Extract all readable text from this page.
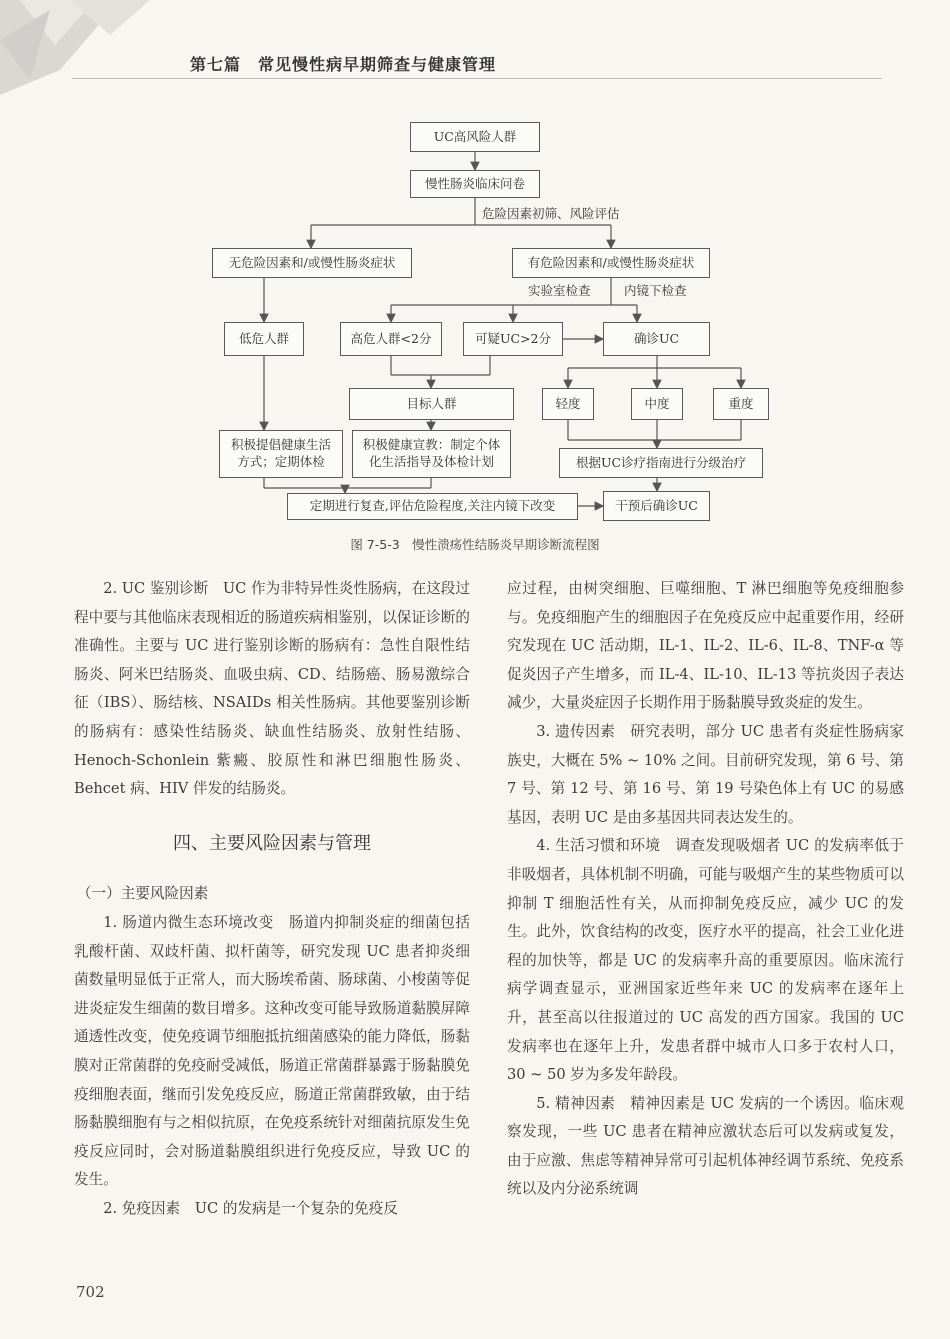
第七篇　常见慢性病早期筛查与健康管理
UC高风险人群
慢性肠炎临床问卷
危险因素初筛、风险评估
无危险因素和/或慢性肠炎症状	有危险因素和/或慢性肠炎症状
实验室检查	内镜下检查
低危人群	高危人群<2分	可疑UC>2分	确诊UC
目标人群	轻度	中度	重度
积极提倡健康生活方式；定期体检
积极健康宣教：制定个体化生活指导及体检计划	根据UC诊疗指南进行分级治疗
定期进行复查,评估危险程度,关注内镜下改变	干预后确诊UC
图 7-5-3　慢性溃疡性结肠炎早期诊断流程图

2. UC 鉴别诊断　UC 作为非特异性炎性肠病，在这段过程中要与其他临床表现相近的肠道疾病相鉴别，以保证诊断的准确性。主要与 UC 进行鉴别诊断的肠病有：急性自限性结肠炎、阿米巴结肠炎、血吸虫病、CD、结肠癌、肠易激综合征（IBS）、肠结核、NSAIDs 相关性肠病。其他要鉴别诊断的肠病有：感染性结肠炎、缺血性结肠炎、放射性结肠、Henoch-Schonlein 紫癜、胶原性和淋巴细胞性肠炎、Behcet 病、HIV 伴发的结肠炎。

四、主要风险因素与管理
（一）主要风险因素

1. 肠道内微生态环境改变　肠道内抑制炎症的细菌包括乳酸杆菌、双歧杆菌、拟杆菌等，研究发现 UC 患者抑炎细菌数量明显低于正常人，而大肠埃希菌、肠球菌、小梭菌等促进炎症发生细菌的数目增多。这种改变可能导致肠道黏膜屏障通透性改变，使免疫调节细胞抵抗细菌感染的能力降低，肠黏膜对正常菌群的免疫耐受减低，肠道正常菌群暴露于肠黏膜免疫细胞表面，继而引发免疫反应，肠道正常菌群致敏，由于结肠黏膜细胞有与之相似抗原，在免疫系统针对细菌抗原发生免疫反应同时，会对肠道黏膜组织进行免疫反应，导致 UC 的发生。

2. 免疫因素　UC 的发病是一个复杂的免疫反

应过程，由树突细胞、巨噬细胞、T 淋巴细胞等免疫细胞参与。免疫细胞产生的细胞因子在免疫反应中起重要作用，经研究发现在 UC 活动期，IL-1、IL-2、IL-6、IL-8、TNF-α 等促炎因子产生增多，而 IL-4、IL-10、IL-13 等抗炎因子表达减少，大量炎症因子长期作用于肠黏膜导致炎症的发生。

3. 遗传因素　研究表明，部分 UC 患者有炎症性肠病家族史，大概在 5% ~ 10% 之间。目前研究发现，第 6 号、第 7 号、第 12 号、第 16 号、第 19 号染色体上有 UC 的易感基因，表明 UC 是由多基因共同表达发生的。

4. 生活习惯和环境　调查发现吸烟者 UC 的发病率低于非吸烟者，具体机制不明确，可能与吸烟产生的某些物质可以抑制 T 细胞活性有关，从而抑制免疫反应，减少 UC 的发生。此外，饮食结构的改变，医疗水平的提高，社会工业化进程的加快等，都是 UC 的发病率升高的重要原因。临床流行病学调查显示，亚洲国家近些年来 UC 的发病率在逐年上升，甚至高以往报道过的 UC 高发的西方国家。我国的 UC 发病率也在逐年上升，发患者群中城市人口多于农村人口，30 ~ 50 岁为多发年龄段。

5. 精神因素　精神因素是 UC 发病的一个诱因。临床观察发现，一些 UC 患者在精神应激状态后可以发病或复发，由于应激、焦虑等精神异常可引起机体神经调节系统、免疫系统以及内分泌系统调

702
